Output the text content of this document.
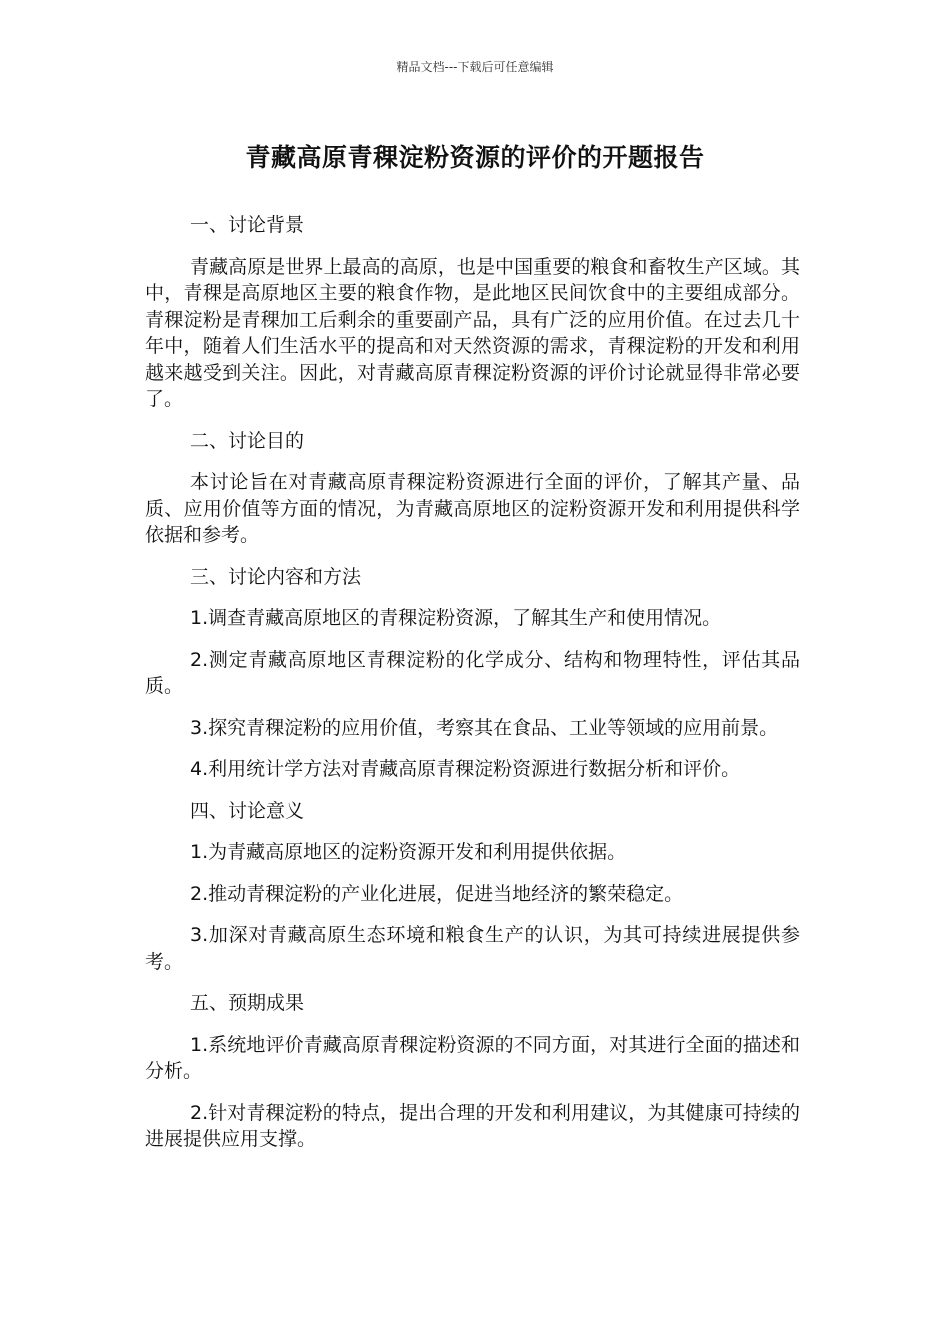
精品文档---下载后可任意编辑
青藏高原青稞淀粉资源的评价的开题报告

一、讨论背景

青藏高原是世界上最高的高原，也是中国重要的粮食和畜牧生产区域。其中，青稞是高原地区主要的粮食作物，是此地区民间饮食中的主要组成部分。青稞淀粉是青稞加工后剩余的重要副产品，具有广泛的应用价值。在过去几十年中，随着人们生活水平的提高和对天然资源的需求，青稞淀粉的开发和利用越来越受到关注。因此，对青藏高原青稞淀粉资源的评价讨论就显得非常必要了。

二、讨论目的

本讨论旨在对青藏高原青稞淀粉资源进行全面的评价，了解其产量、品质、应用价值等方面的情况，为青藏高原地区的淀粉资源开发和利用提供科学依据和参考。

三、讨论内容和方法

1.调查青藏高原地区的青稞淀粉资源，了解其生产和使用情况。

2.测定青藏高原地区青稞淀粉的化学成分、结构和物理特性，评估其品质。

3.探究青稞淀粉的应用价值，考察其在食品、工业等领域的应用前景。

4.利用统计学方法对青藏高原青稞淀粉资源进行数据分析和评价。

四、讨论意义

1.为青藏高原地区的淀粉资源开发和利用提供依据。

2.推动青稞淀粉的产业化进展，促进当地经济的繁荣稳定。

3.加深对青藏高原生态环境和粮食生产的认识，为其可持续进展提供参考。

五、预期成果

1.系统地评价青藏高原青稞淀粉资源的不同方面，对其进行全面的描述和分析。

2.针对青稞淀粉的特点，提出合理的开发和利用建议，为其健康可持续的进展提供应用支撑。
